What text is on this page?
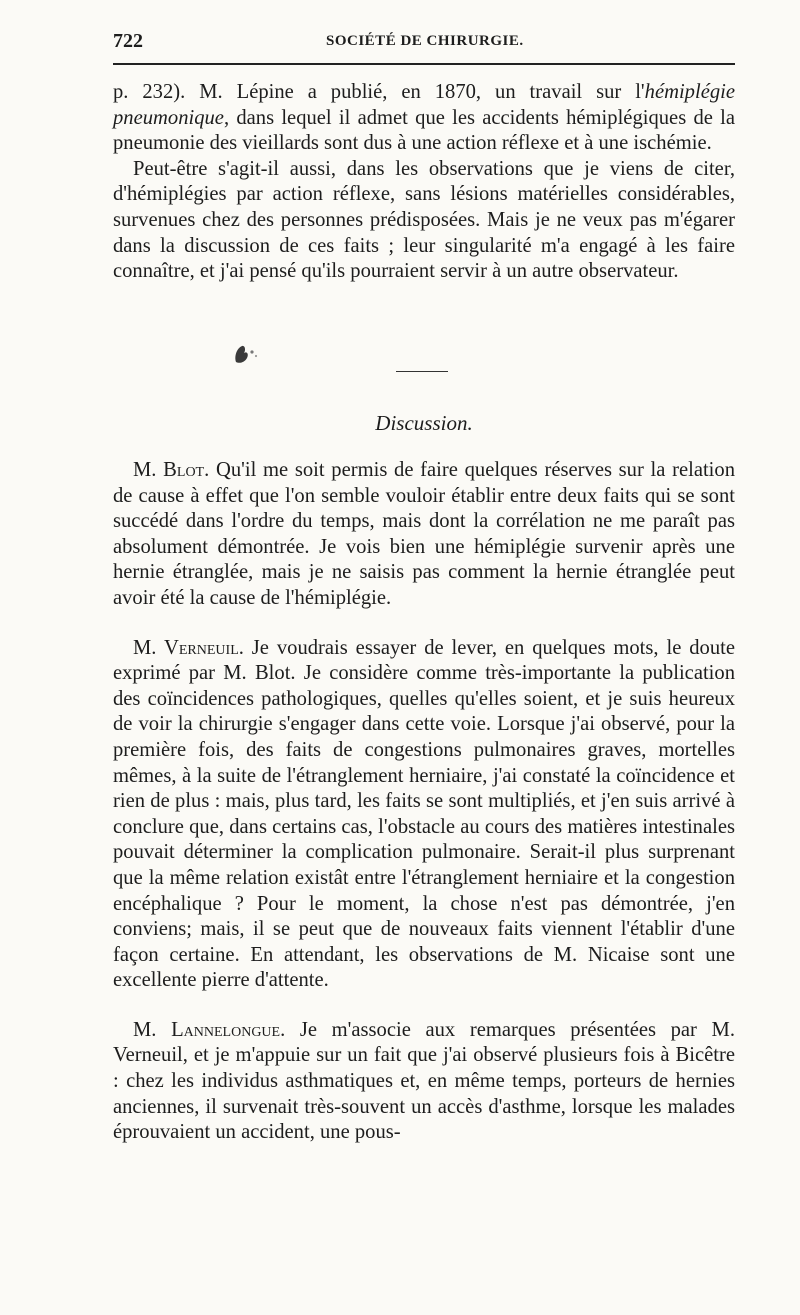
722	SOCIÉTÉ DE CHIRURGIE.

p. 232). M. Lépine a publié, en 1870, un travail sur l'hémiplégie pneumonique, dans lequel il admet que les accidents hémiplégiques de la pneumonie des vieillards sont dus à une action réflexe et à une ischémie.

Peut-être s'agit-il aussi, dans les observations que je viens de citer, d'hémiplégies par action réflexe, sans lésions matérielles considérables, survenues chez des personnes prédisposées. Mais je ne veux pas m'égarer dans la discussion de ces faits ; leur singularité m'a engagé à les faire connaître, et j'ai pensé qu'ils pourraient servir à un autre observateur.

Discussion.

M. Blot. Qu'il me soit permis de faire quelques réserves sur la relation de cause à effet que l'on semble vouloir établir entre deux faits qui se sont succédé dans l'ordre du temps, mais dont la corrélation ne me paraît pas absolument démontrée. Je vois bien une hémiplégie survenir après une hernie étranglée, mais je ne saisis pas comment la hernie étranglée peut avoir été la cause de l'hémiplégie.

M. Verneuil. Je voudrais essayer de lever, en quelques mots, le doute exprimé par M. Blot. Je considère comme très-importante la publication des coïncidences pathologiques, quelles qu'elles soient, et je suis heureux de voir la chirurgie s'engager dans cette voie. Lorsque j'ai observé, pour la première fois, des faits de congestions pulmonaires graves, mortelles mêmes, à la suite de l'étranglement herniaire, j'ai constaté la coïncidence et rien de plus : mais, plus tard, les faits se sont multipliés, et j'en suis arrivé à conclure que, dans certains cas, l'obstacle au cours des matières intestinales pouvait déterminer la complication pulmonaire. Serait-il plus surprenant que la même relation existât entre l'étranglement herniaire et la congestion encéphalique ? Pour le moment, la chose n'est pas démontrée, j'en conviens; mais, il se peut que de nouveaux faits viennent l'établir d'une façon certaine. En attendant, les observations de M. Nicaise sont une excellente pierre d'attente.

M. Lannelongue. Je m'associe aux remarques présentées par M. Verneuil, et je m'appuie sur un fait que j'ai observé plusieurs fois à Bicêtre : chez les individus asthmatiques et, en même temps, porteurs de hernies anciennes, il survenait très-souvent un accès d'asthme, lorsque les malades éprouvaient un accident, une pous-
